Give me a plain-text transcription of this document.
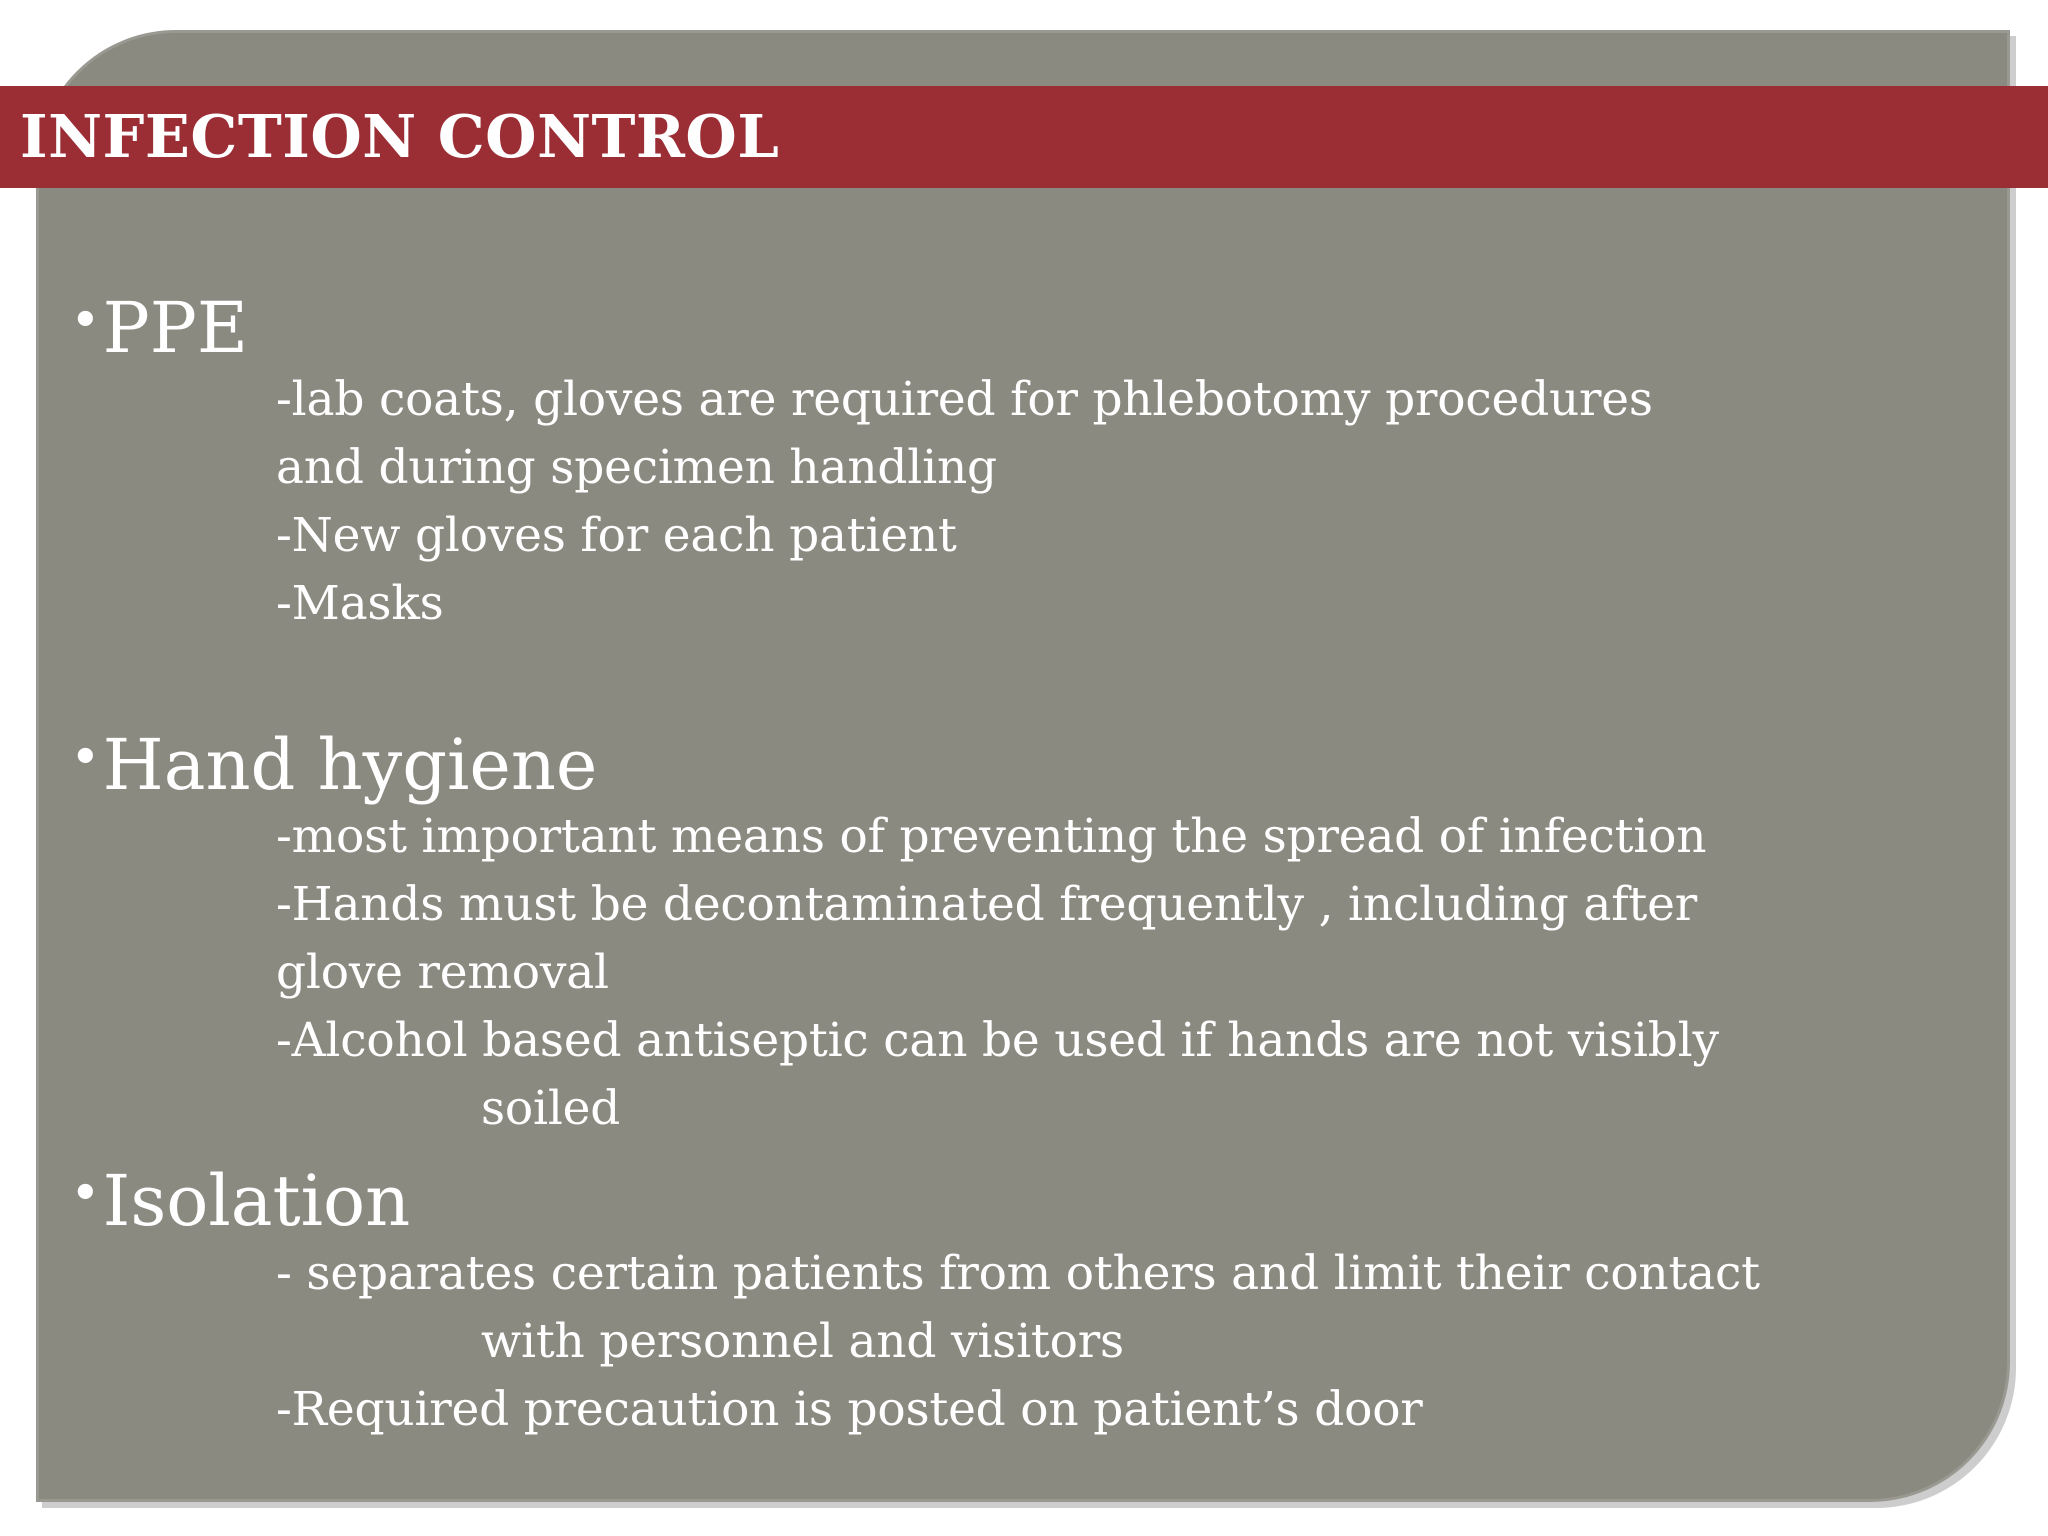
INFECTION CONTROL
•PPE

-lab coats, gloves are required for phlebotomy procedures

and during specimen handling

-New gloves for each patient

-Masks

•Hand hygiene

-most important means of preventing the spread of infection

-Hands must be decontaminated frequently , including after

glove removal

-Alcohol based antiseptic can be used if hands are not visibly

soiled

•Isolation

- separates certain patients from others and limit their contact

with personnel and visitors

-Required precaution is posted on patient’s door
